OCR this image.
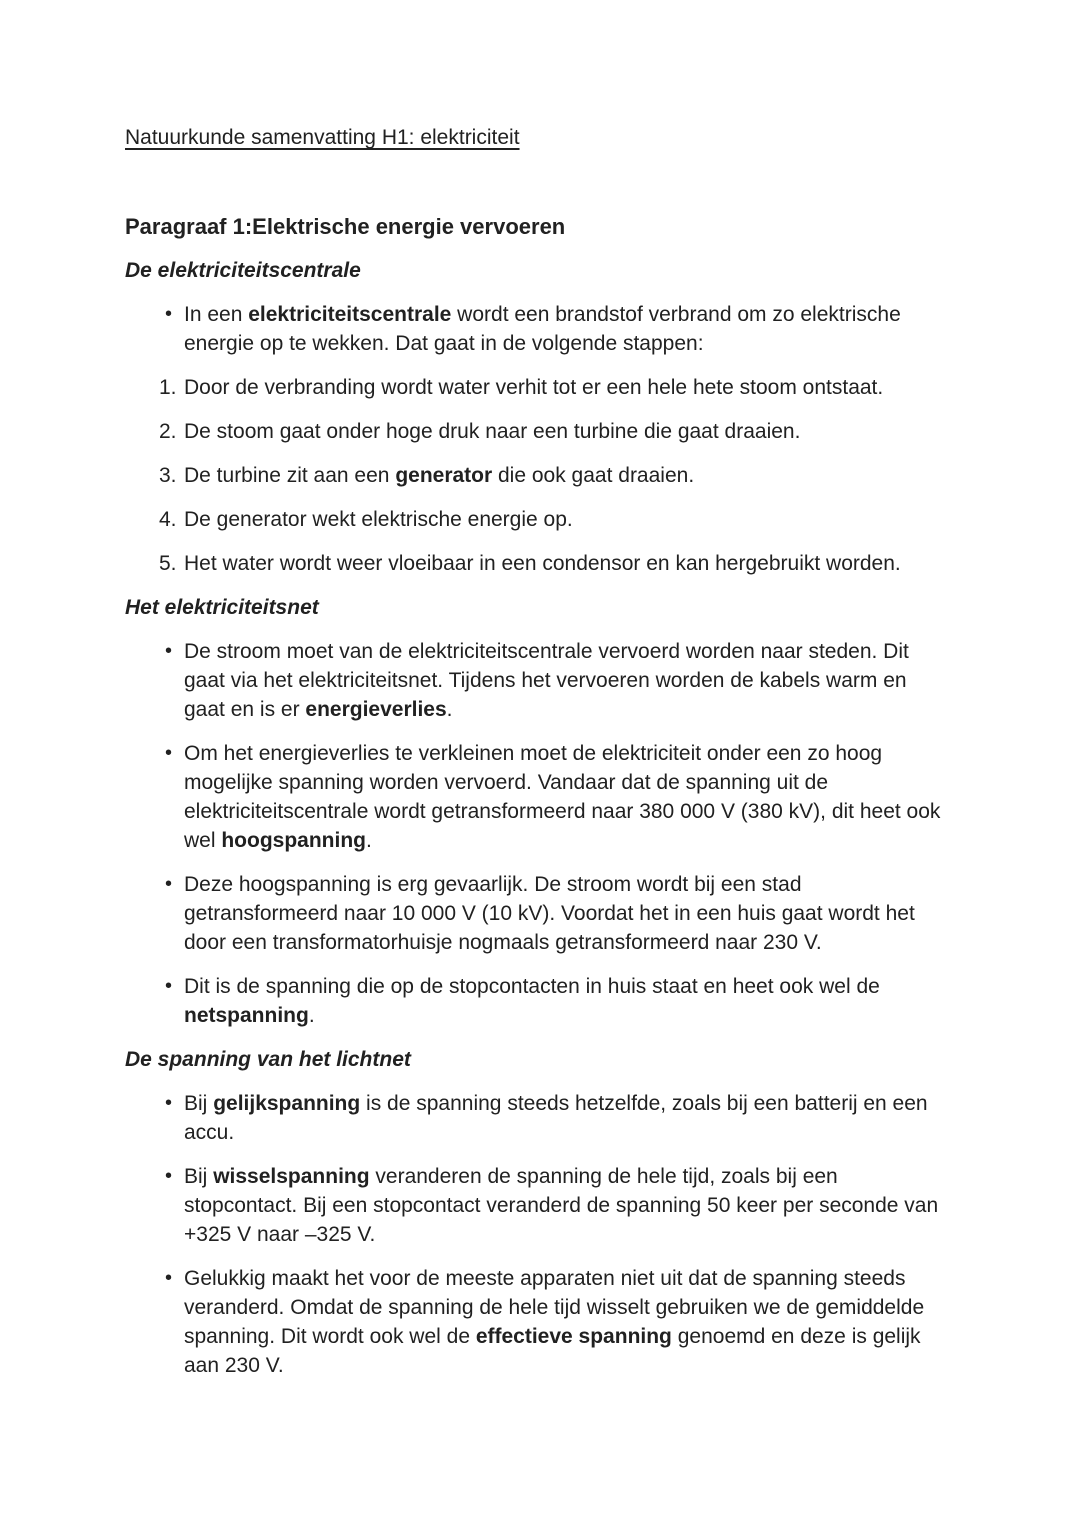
Natuurkunde samenvatting H1: elektriciteit
Paragraaf 1:Elektrische energie vervoeren
De elektriciteitscentrale
• In een elektriciteitscentrale wordt een brandstof verbrand om zo elektrische energie op te wekken. Dat gaat in de volgende stappen:
1. Door de verbranding wordt water verhit tot er een hele hete stoom ontstaat.
2. De stoom gaat onder hoge druk naar een turbine die gaat draaien.
3. De turbine zit aan een generator die ook gaat draaien.
4. De generator wekt elektrische energie op.
5. Het water wordt weer vloeibaar in een condensor en kan hergebruikt worden.
Het elektriciteitsnet
• De stroom moet van de elektriciteitscentrale vervoerd worden naar steden. Dit gaat via het elektriciteitsnet. Tijdens het vervoeren worden de kabels warm en gaat en is er energieverlies.
• Om het energieverlies te verkleinen moet de elektriciteit onder een zo hoog mogelijke spanning worden vervoerd. Vandaar dat de spanning uit de elektriciteitscentrale wordt getransformeerd naar 380 000 V (380 kV), dit heet ook wel hoogspanning.
• Deze hoogspanning is erg gevaarlijk. De stroom wordt bij een stad getransformeerd naar 10 000 V (10 kV). Voordat het in een huis gaat wordt het door een transformatorhuisje nogmaals getransformeerd naar 230 V.
• Dit is de spanning die op de stopcontacten in huis staat en heet ook wel de netspanning.
De spanning van het lichtnet
• Bij gelijkspanning is de spanning steeds hetzelfde, zoals bij een batterij en een accu.
• Bij wisselspanning veranderen de spanning de hele tijd, zoals bij een stopcontact. Bij een stopcontact veranderd de spanning 50 keer per seconde van +325 V naar –325 V.
• Gelukkig maakt het voor de meeste apparaten niet uit dat de spanning steeds veranderd. Omdat de spanning de hele tijd wisselt gebruiken we de gemiddelde spanning. Dit wordt ook wel de effectieve spanning genoemd en deze is gelijk aan 230 V.
